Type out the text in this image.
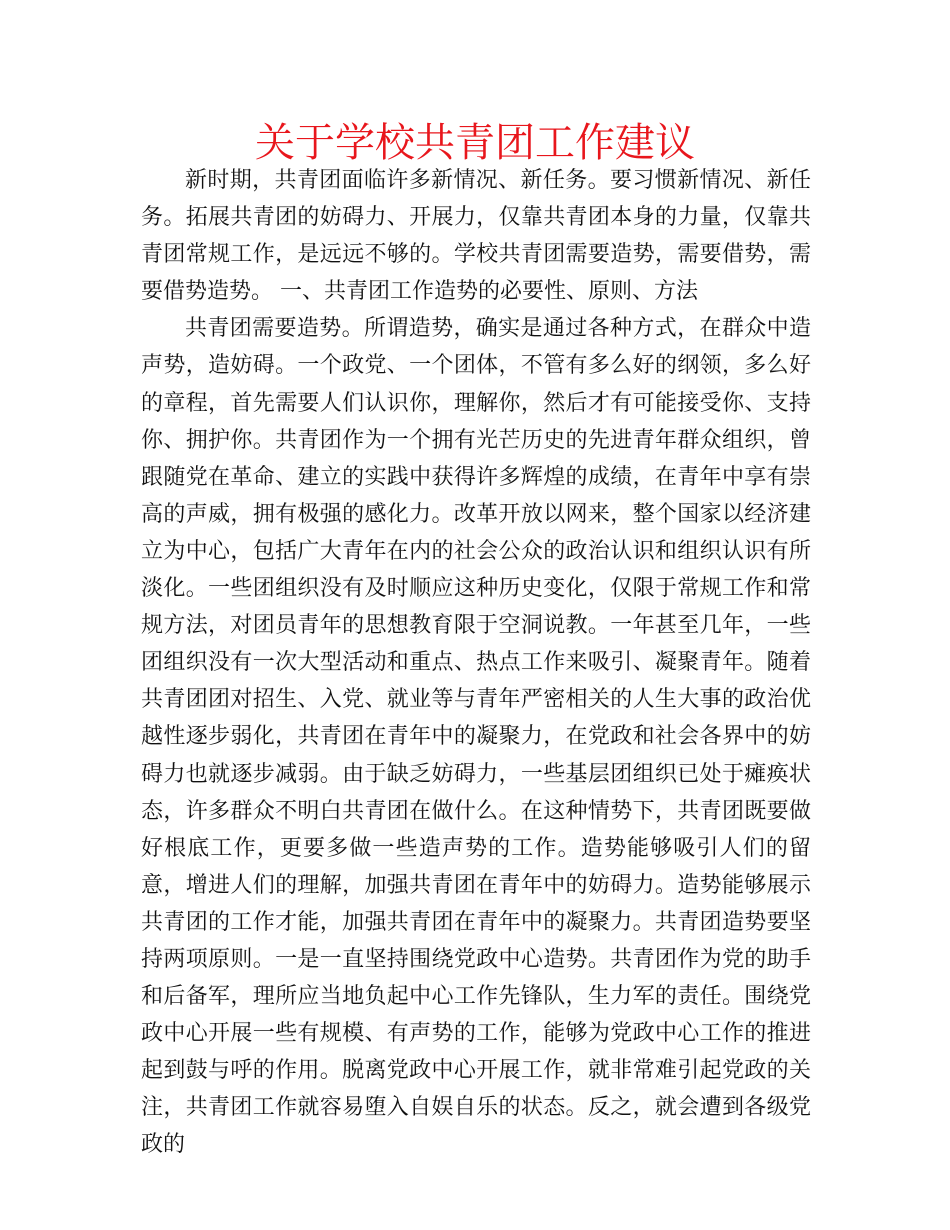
关于学校共青团工作建议

新时期，共青团面临许多新情况、新任务。要习惯新情况、新任务。拓展共青团的妨碍力、开展力，仅靠共青团本身的力量，仅靠共青团常规工作，是远远不够的。学校共青团需要造势，需要借势，需要借势造势。 一、共青团工作造势的必要性、原则、方法

共青团需要造势。所谓造势，确实是通过各种方式，在群众中造声势，造妨碍。一个政党、一个团体，不管有多么好的纲领，多么好的章程，首先需要人们认识你，理解你，然后才有可能接受你、支持你、拥护你。共青团作为一个拥有光芒历史的先进青年群众组织，曾跟随党在革命、建立的实践中获得许多辉煌的成绩，在青年中享有崇高的声威，拥有极强的感化力。改革开放以网来，整个国家以经济建立为中心，包括广大青年在内的社会公众的政治认识和组织认识有所淡化。一些团组织没有及时顺应这种历史变化，仅限于常规工作和常规方法，对团员青年的思想教育限于空洞说教。一年甚至几年，一些团组织没有一次大型活动和重点、热点工作来吸引、凝聚青年。随着共青团团对招生、入党、就业等与青年严密相关的人生大事的政治优越性逐步弱化，共青团在青年中的凝聚力，在党政和社会各界中的妨碍力也就逐步减弱。由于缺乏妨碍力，一些基层团组织已处于瘫痪状态，许多群众不明白共青团在做什么。在这种情势下，共青团既要做好根底工作，更要多做一些造声势的工作。造势能够吸引人们的留意，增进人们的理解，加强共青团在青年中的妨碍力。造势能够展示共青团的工作才能，加强共青团在青年中的凝聚力。共青团造势要坚持两项原则。一是一直坚持围绕党政中心造势。共青团作为党的助手和后备军，理所应当地负起中心工作先锋队，生力军的责任。围绕党政中心开展一些有规模、有声势的工作，能够为党政中心工作的推进起到鼓与呼的作用。脱离党政中心开展工作，就非常难引起党政的关注，共青团工作就容易堕入自娱自乐的状态。反之，就会遭到各级党政的
